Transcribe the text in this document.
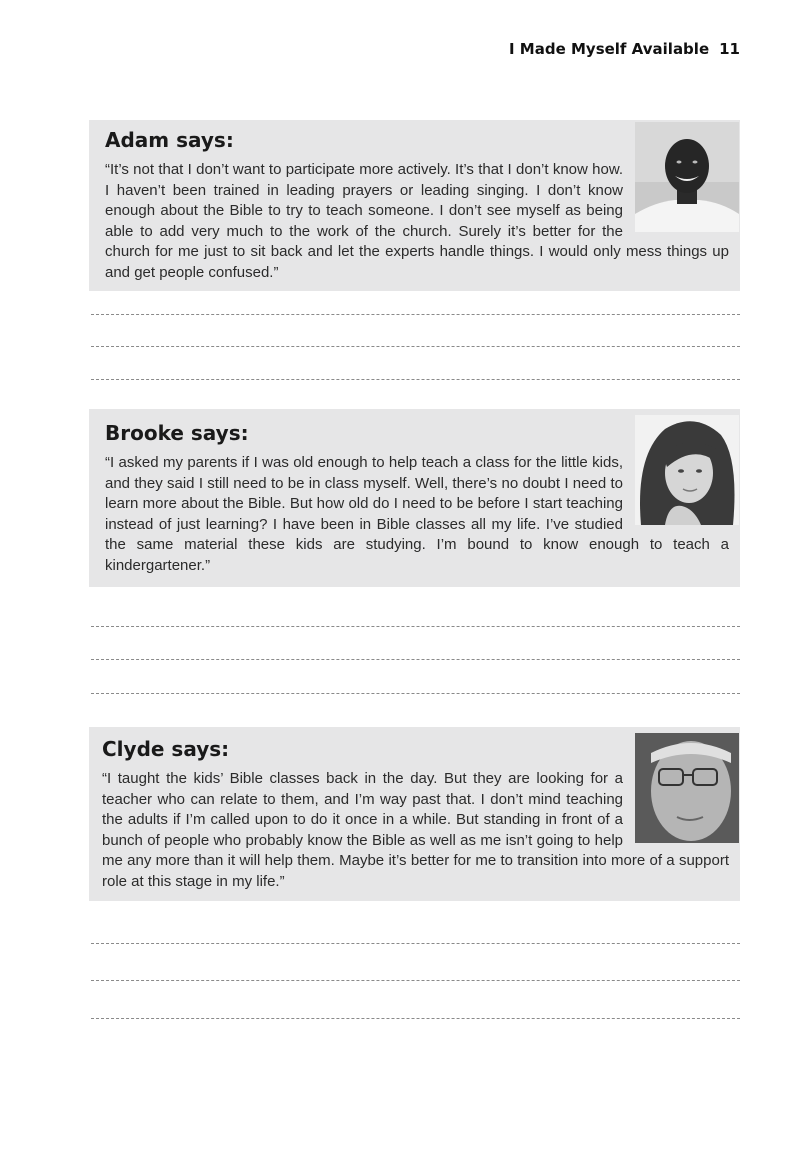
I Made Myself Available 11
Adam says:
“It’s not that I don’t want to participate more actively. It’s that I don’t know how. I haven’t been trained in leading prayers or leading singing. I don’t know enough about the Bible to try to teach someone. I don’t see myself as being able to add very much to the work of the church. Surely it’s better for the church for me just to sit back and let the experts handle things. I would only mess things up and get people confused.”
Brooke says:
“I asked my parents if I was old enough to help teach a class for the little kids, and they said I still need to be in class myself. Well, there’s no doubt I need to learn more about the Bible. But how old do I need to be before I start teaching instead of just learning? I have been in Bible classes all my life. I’ve studied the same material these kids are studying. I’m bound to know enough to teach a kindergartener.”
Clyde says:
“I taught the kids’ Bible classes back in the day. But they are looking for a teacher who can relate to them, and I’m way past that. I don’t mind teaching the adults if I’m called upon to do it once in a while. But standing in front of a bunch of people who probably know the Bible as well as me isn’t going to help me any more than it will help them. Maybe it’s better for me to transition into more of a support role at this stage in my life.”
